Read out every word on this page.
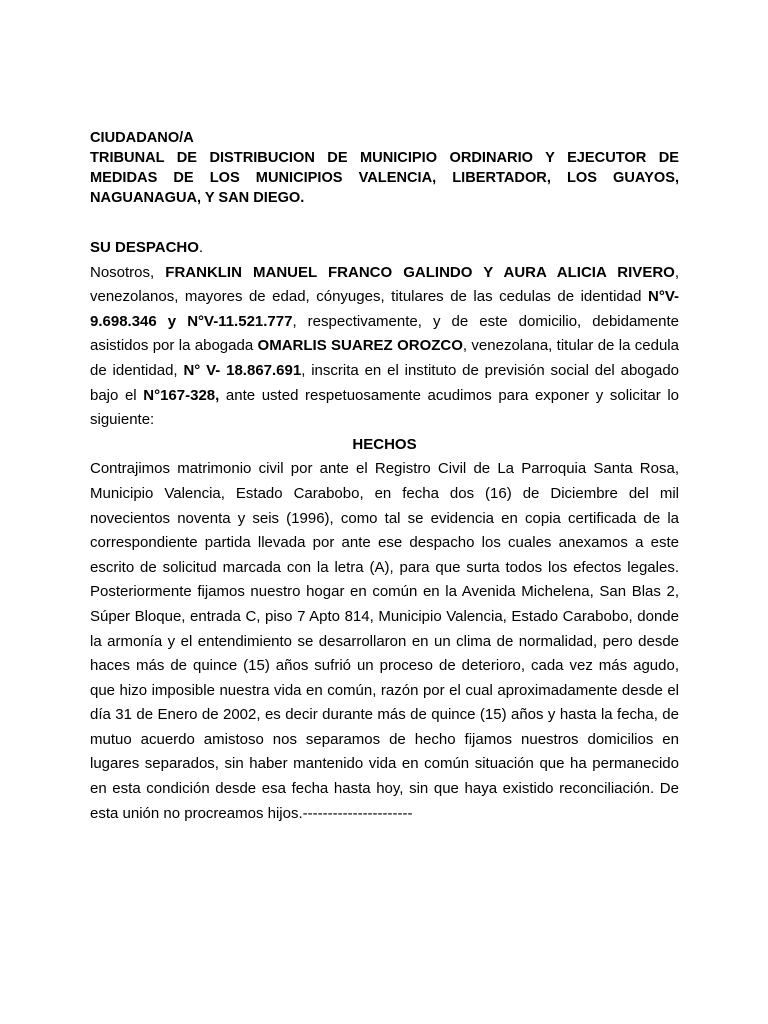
CIUDADANO/A
TRIBUNAL DE DISTRIBUCION DE MUNICIPIO ORDINARIO Y EJECUTOR DE MEDIDAS DE LOS MUNICIPIOS VALENCIA, LIBERTADOR, LOS GUAYOS, NAGUANAGUA, Y SAN DIEGO.
SU DESPACHO.

Nosotros, FRANKLIN MANUEL FRANCO GALINDO Y AURA ALICIA RIVERO, venezolanos, mayores de edad, cónyuges, titulares de las cedulas de identidad N°V-9.698.346 y N°V-11.521.777, respectivamente, y de este domicilio, debidamente asistidos por la abogada OMARLIS SUAREZ OROZCO, venezolana, titular de la cedula de identidad, N° V- 18.867.691, inscrita en el instituto de previsión social del abogado bajo el N°167-328, ante usted respetuosamente acudimos para exponer y solicitar lo siguiente:

HECHOS

Contrajimos matrimonio civil por ante el Registro Civil de La Parroquia Santa Rosa, Municipio Valencia, Estado Carabobo, en fecha dos (16) de Diciembre del mil novecientos noventa y seis (1996), como tal se evidencia en copia certificada de la correspondiente partida llevada por ante ese despacho los cuales anexamos a este escrito de solicitud marcada con la letra (A), para que surta todos los efectos legales. Posteriormente fijamos nuestro hogar en común en la Avenida Michelena, San Blas 2, Súper Bloque, entrada C, piso 7 Apto 814, Municipio Valencia, Estado Carabobo, donde la armonía y el entendimiento se desarrollaron en un clima de normalidad, pero desde haces más de quince (15) años sufrió un proceso de deterioro, cada vez más agudo, que hizo imposible nuestra vida en común, razón por el cual aproximadamente desde el día 31 de Enero de 2002, es decir durante más de quince (15) años y hasta la fecha, de mutuo acuerdo amistoso nos separamos de hecho fijamos nuestros domicilios en lugares separados, sin haber mantenido vida en común situación que ha permanecido en esta condición desde esa fecha hasta hoy, sin que haya existido reconciliación. De esta unión no procreamos hijos.----------------------
